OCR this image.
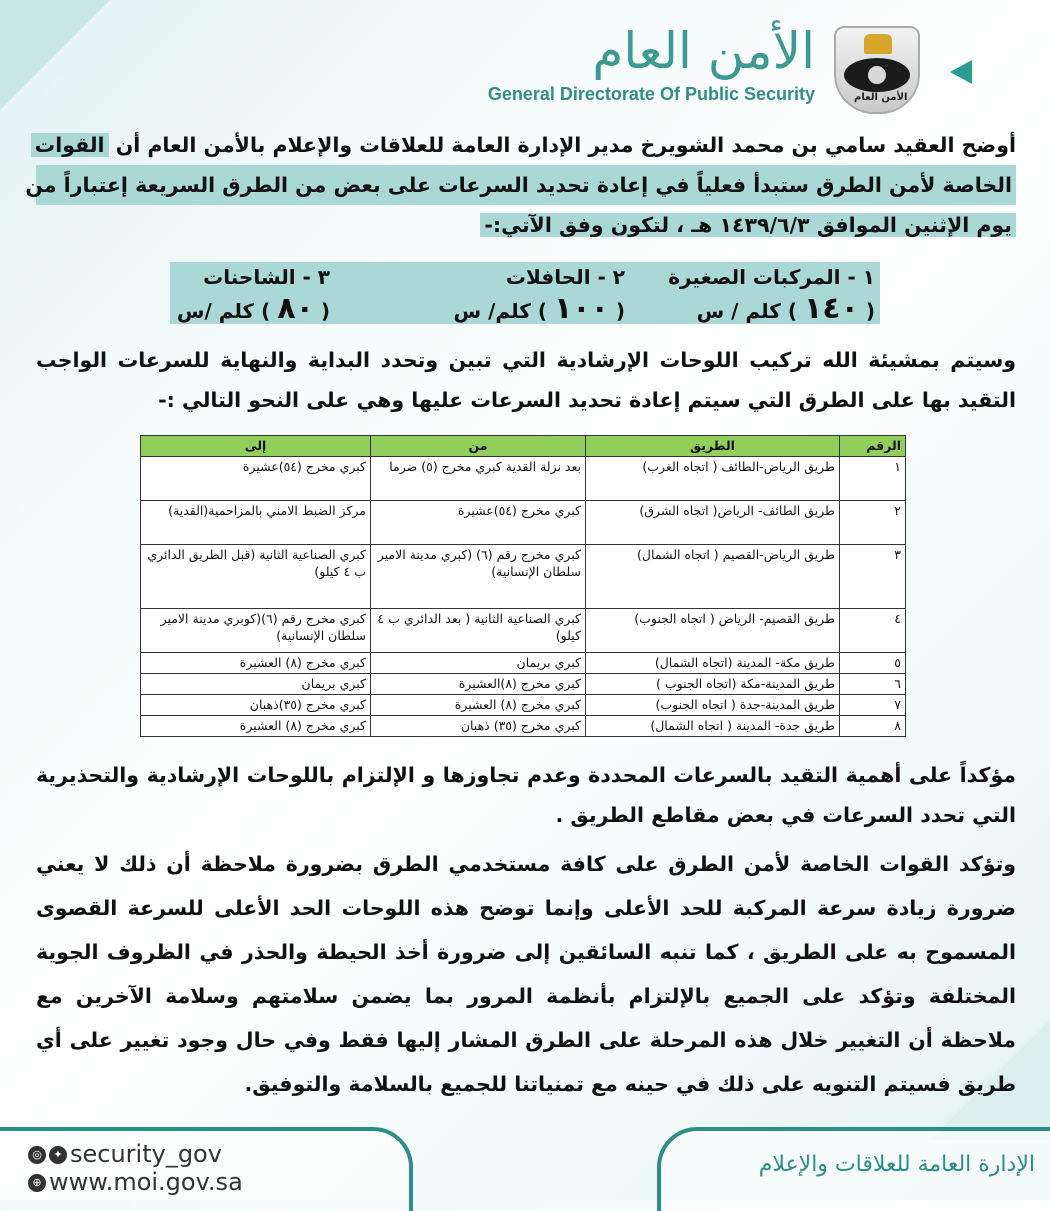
الأمن العام
الأمن العام
General Directorate Of Public Security
أوضح العقيد سامي بن محمد الشويرخ مدير الإدارة العامة للعلاقات والإعلام بالأمن العام أن القوات
الخاصة لأمن الطرق ستبدأ فعلياً في إعادة تحديد السرعات على بعض من الطرق السريعة إعتباراً من
يوم الإثنين الموافق ١٤٣٩/٦/٣ هـ ، لتكون وفق الآتي:-
١ - المركبات الصغيرة
( ١٤٠ ) كلم / س
٢ - الحافلات
( ١٠٠ ) كلم/ س
٣ - الشاحنات
( ٨٠ ) كلم /س
وسيتم بمشيئة الله تركيب اللوحات الإرشادية التي تبين وتحدد البداية والنهاية للسرعات الواجب
التقيد بها على الطرق التي سيتم إعادة تحديد السرعات عليها وهي على النحو التالي :-
الرقم	الطريق	من	إلى
١	طريق الرياض-الطائف ( اتجاه الغرب)	بعد نزلة القدية كبري مخرج (٥) ضرما	كبري مخرج (٥٤)عشيرة
٢	طريق الطائف- الرياض( اتجاه الشرق)	كبري مخرج (٥٤)عشيرة	مركز الضبط الامني بالمزاحمية(القدية)
٣	طريق الرياض-القصيم ( اتجاه الشمال)	كبري مخرج رقم (٦) (كبري مدينة الامير سلطان الإنسانية)	كبري الصناعية الثانية (قبل الطريق الدائري ب ٤ كيلو)
٤	طريق القصيم- الرياض ( اتجاه الجنوب)	كبري الصناعية الثانية ( بعد الدائري ب ٤ كيلو)	كبري مخرج رقم (٦)(كوبري مدينة الامير سلطان الإنسانية)
٥	طريق مكة- المدينة (اتجاه الشمال)	كبري بريمان	كبري مخرج (٨) العشيرة
٦	طريق المدينة-مكة (اتجاه الجنوب )	كبري مخرج (٨)العشيرة	كبري بريمان
٧	طريق المدينة-جدة ( اتجاه الجنوب)	كبري مخرج (٨) العشيرة	كبري مخرج (٣٥)ذهبان
٨	طريق جدة- المدينة ( اتجاه الشمال)	كبري مخرج (٣٥) ذهبان	كبري مخرج (٨) العشيرة
مؤكداً على أهمية التقيد بالسرعات المحددة وعدم تجاوزها و الإلتزام باللوحات الإرشادية والتحذيرية
التي تحدد السرعات في بعض مقاطع الطريق .
وتؤكد القوات الخاصة لأمن الطرق على كافة مستخدمي الطرق بضرورة ملاحظة أن ذلك لا يعني
ضرورة زيادة سرعة المركبة للحد الأعلى وإنما توضح هذه اللوحات الحد الأعلى للسرعة القصوى
المسموح به على الطريق ، كما تنبه السائقين إلى ضرورة أخذ الحيطة والحذر في الظروف الجوية
المختلفة وتؤكد على الجميع بالإلتزام بأنظمة المرور بما يضمن سلامتهم وسلامة الآخرين مع
ملاحظة أن التغيير خلال هذه المرحلة على الطرق المشار إليها فقط وفي حال وجود تغيير على أي
طريق فسيتم التنويه على ذلك في حينه مع تمنياتنا للجميع بالسلامة والتوفيق.
◎ ✦ security_gov
⊕ www.moi.gov.sa
الإدارة العامة للعلاقات والإعلام
